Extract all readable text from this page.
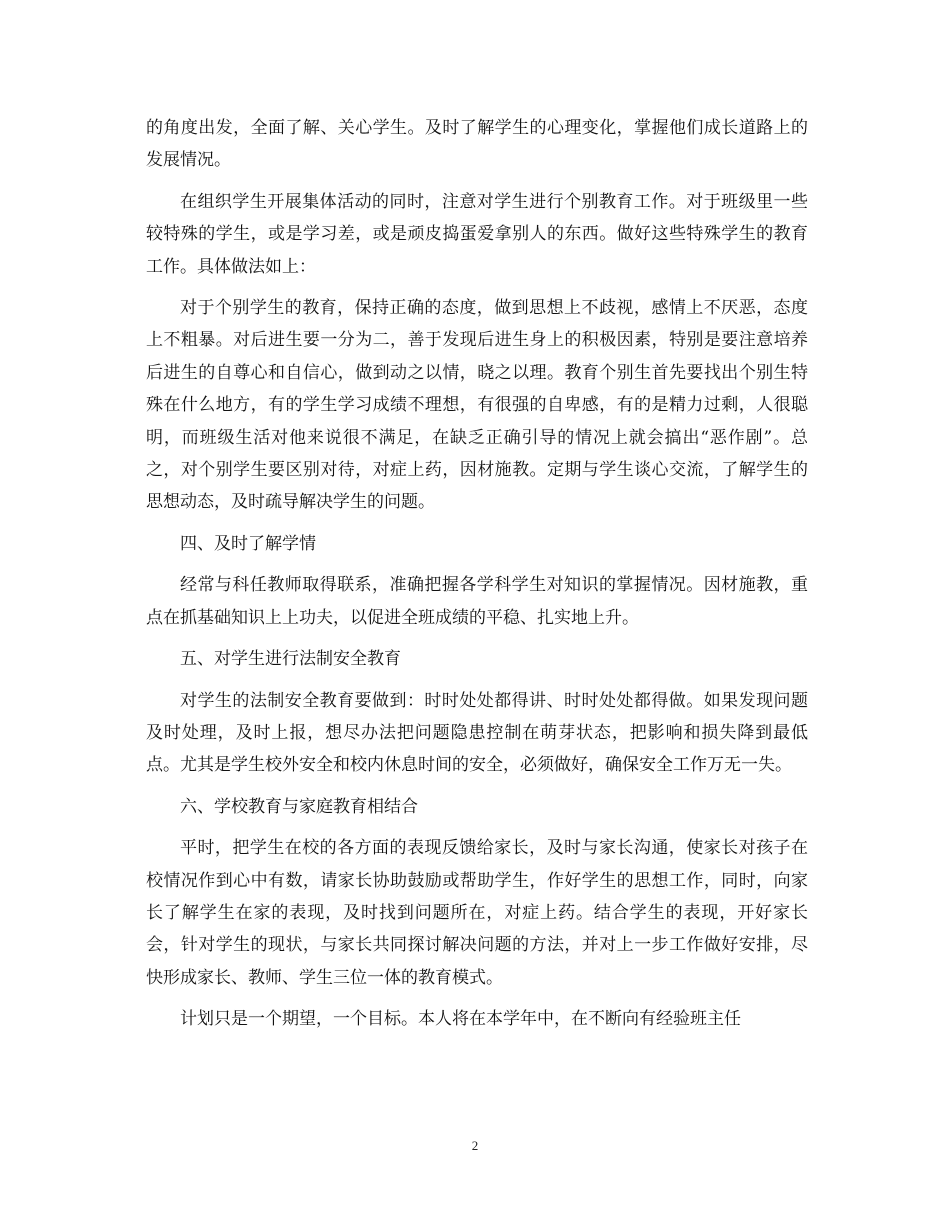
的角度出发，全面了解、关心学生。及时了解学生的心理变化，掌握他们成长道路上的发展情况。

在组织学生开展集体活动的同时，注意对学生进行个别教育工作。对于班级里一些较特殊的学生，或是学习差，或是顽皮捣蛋爱拿别人的东西。做好这些特殊学生的教育工作。具体做法如上：

对于个别学生的教育，保持正确的态度，做到思想上不歧视，感情上不厌恶，态度上不粗暴。对后进生要一分为二，善于发现后进生身上的积极因素，特别是要注意培养后进生的自尊心和自信心，做到动之以情，晓之以理。教育个别生首先要找出个别生特殊在什么地方，有的学生学习成绩不理想，有很强的自卑感，有的是精力过剩，人很聪明，而班级生活对他来说很不满足，在缺乏正确引导的情况上就会搞出“恶作剧”。总之，对个别学生要区别对待，对症上药，因材施教。定期与学生谈心交流，了解学生的思想动态，及时疏导解决学生的问题。

四、及时了解学情

经常与科任教师取得联系，准确把握各学科学生对知识的掌握情况。因材施教，重点在抓基础知识上上功夫，以促进全班成绩的平稳、扎实地上升。

五、对学生进行法制安全教育

对学生的法制安全教育要做到：时时处处都得讲、时时处处都得做。如果发现问题及时处理，及时上报，想尽办法把问题隐患控制在萌芽状态，把影响和损失降到最低点。尤其是学生校外安全和校内休息时间的安全，必须做好，确保安全工作万无一失。

六、学校教育与家庭教育相结合

平时，把学生在校的各方面的表现反馈给家长，及时与家长沟通，使家长对孩子在校情况作到心中有数，请家长协助鼓励或帮助学生，作好学生的思想工作，同时，向家长了解学生在家的表现，及时找到问题所在，对症上药。结合学生的表现，开好家长会，针对学生的现状，与家长共同探讨解决问题的方法，并对上一步工作做好安排，尽快形成家长、教师、学生三位一体的教育模式。

计划只是一个期望，一个目标。本人将在本学年中，在不断向有经验班主任

2
